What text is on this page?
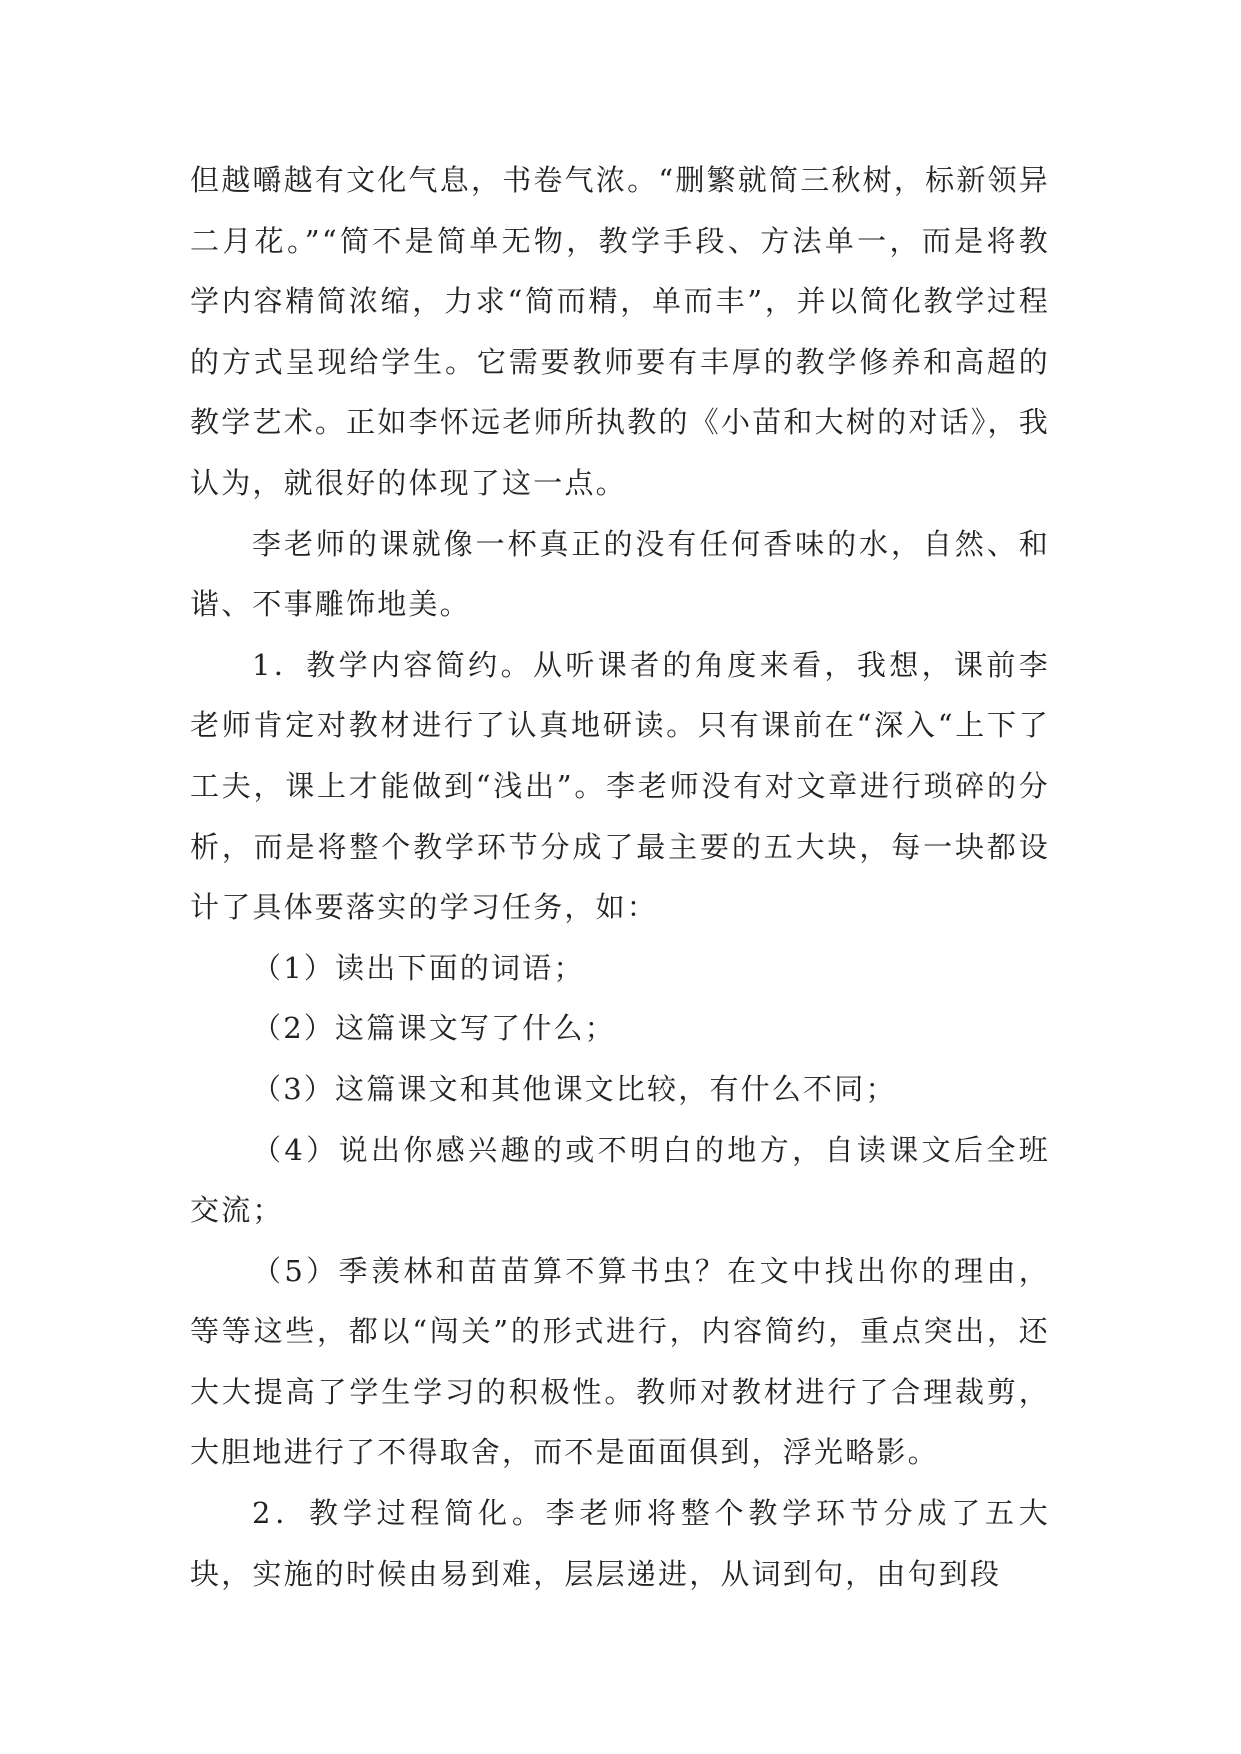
但越嚼越有文化气息，书卷气浓。“删繁就简三秋树，标新领异二月花。”“简不是简单无物，教学手段、方法单一，而是将教学内容精简浓缩，力求“简而精，单而丰”，并以简化教学过程的方式呈现给学生。它需要教师要有丰厚的教学修养和高超的教学艺术。正如李怀远老师所执教的《小苗和大树的对话》，我认为，就很好的体现了这一点。

李老师的课就像一杯真正的没有任何香味的水，自然、和谐、不事雕饰地美。

1．教学内容简约。从听课者的角度来看，我想，课前李老师肯定对教材进行了认真地研读。只有课前在“深入“上下了工夫，课上才能做到“浅出”。李老师没有对文章进行琐碎的分析，而是将整个教学环节分成了最主要的五大块，每一块都设计了具体要落实的学习任务，如：

（1）读出下面的词语；

（2）这篇课文写了什么；

（3）这篇课文和其他课文比较，有什么不同；

（4）说出你感兴趣的或不明白的地方，自读课文后全班交流；

（5）季羡林和苗苗算不算书虫？在文中找出你的理由，等等这些，都以“闯关”的形式进行，内容简约，重点突出，还大大提高了学生学习的积极性。教师对教材进行了合理裁剪，大胆地进行了不得取舍，而不是面面俱到，浮光略影。

2．教学过程简化。李老师将整个教学环节分成了五大块，实施的时候由易到难，层层递进，从词到句，由句到段
